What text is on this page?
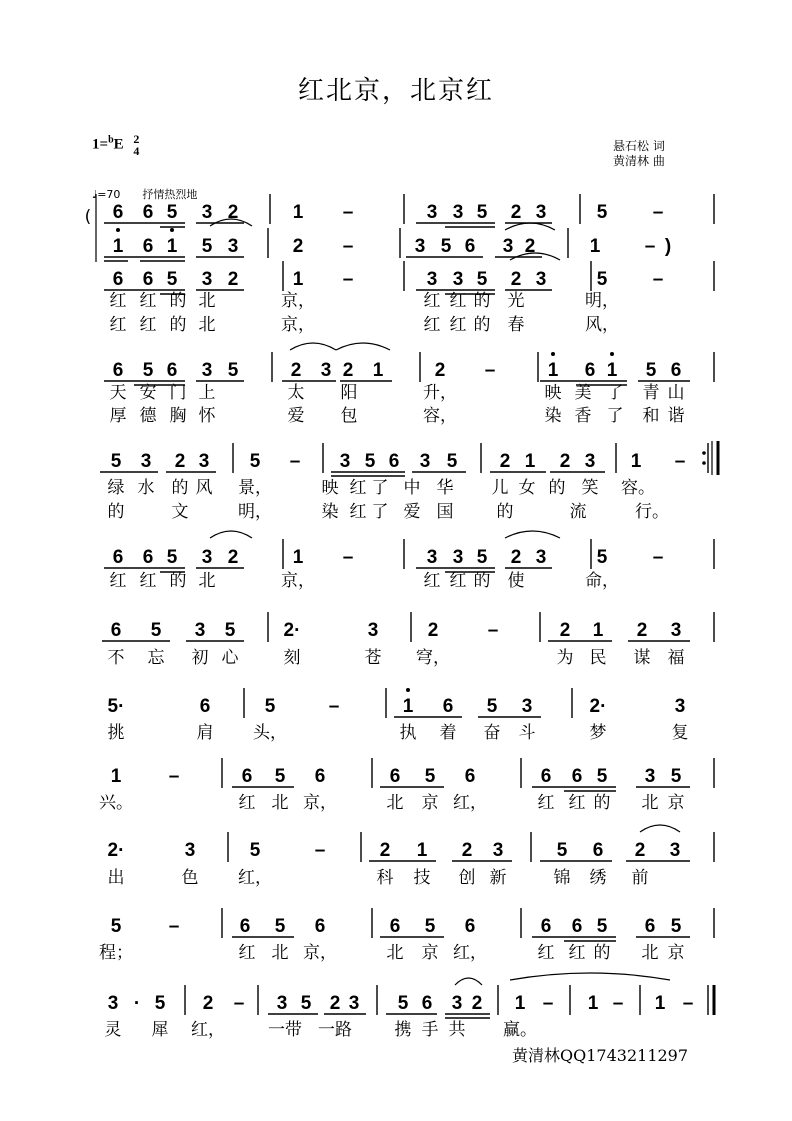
红北京，北京红
1=$^b$E 2
4	悬石松 词
黄清林 曲
♩=70 抒情热烈地
6 6 5 3 2	1 –	3 3 5 2 3	5 –
(
1 6 1 5 3	2 –	3 5 6 3 2	1 – )
6 6 5 3 2	1 –	3 3 5 2 3	5 –
红 红 的 北	京，	红 红 的 光	明，
红 红 的 北	京，	红 红 的 春	风，
6 5 6 3 5	2 3 2 1	2 –	1 6 1 5 6
天 安 门 上	太 阳	升，	映 美 了 青 山
厚 德 胸 怀	爱 包	容，	染 香 了 和 谐
5 3 2 3 5 – 3 5 6 3 5 2 1 2 3 1 –
绿 水 的 风 景，	映 红 了 中 华 儿 女 的 笑 容。
的	文	明，	染 红 了 爱 国	的	流	行。
6 6 5 3 2	1 –	3 3 5 2 3	5 –
红 红 的 北	京，	红 红 的 使	命，
6 5 3 5	2·	3	2	–	2 1 2 3
不 忘 初 心	刻	苍 穹，	为 民 谋 福
5·	6	5	–	1 6 5 3	2·	3
挑	肩 头，	执 着 奋 斗	梦	复
1 –	6 5 6	6 5 6	6 6 5 3 5
兴。	红 北 京，	北 京 红，	红 红 的 北 京
2·	3	5	–	2 1 2 3	5 6 2 3
出	色 红，	科 技 创 新	锦 绣 前
5 –	6 5 6	6 5 6	6 6 5 6 5
程；	红 北 京，	北 京 红，	红 红 的 北 京
3 · 5 2 – 3 5 2 3 5 6 3 2 1 – 1 – 1 –
灵 犀 红，	一带 一路	携 手 共 赢。
黄清林QQ1743211297
